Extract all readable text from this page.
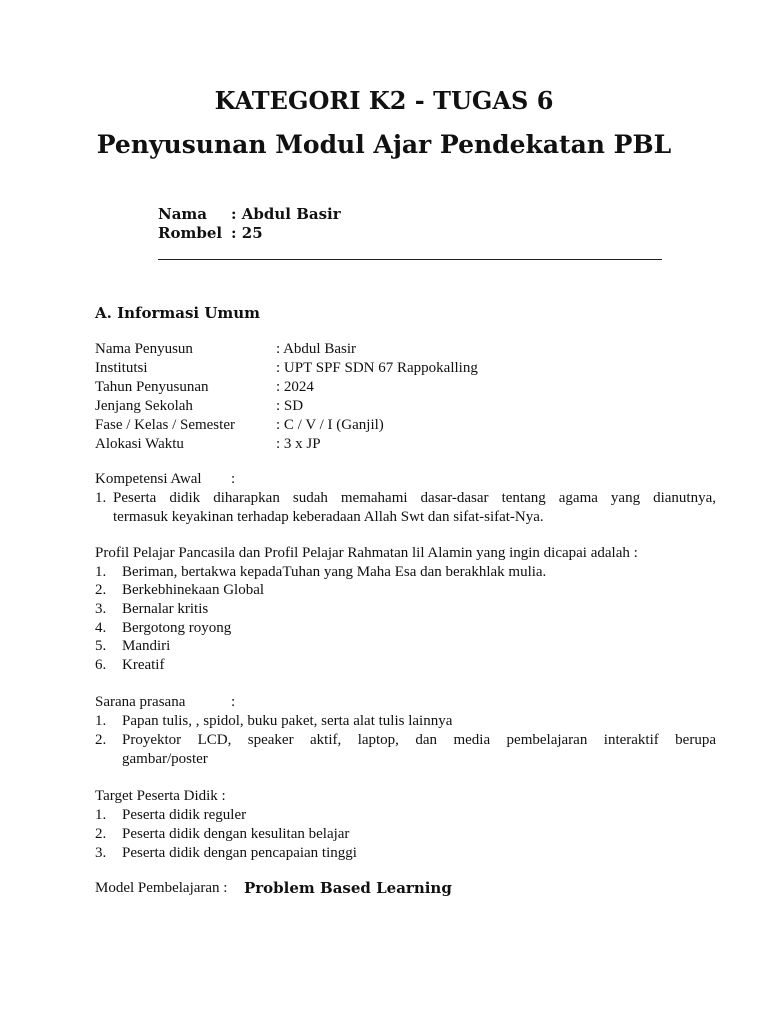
KATEGORI K2 - TUGAS 6
Penyusunan Modul Ajar Pendekatan PBL
Nama : Abdul Basir
Rombel : 25
A. Informasi Umum
Nama Penyusun	: Abdul Basir
Institutsi	: UPT SPF SDN 67 Rappokalling
Tahun Penyusunan	: 2024
Jenjang Sekolah	: SD
Fase / Kelas / Semester	: C / V / I (Ganjil)
Alokasi Waktu	: 3 x JP
Kompetensi Awal :
1. Peserta didik diharapkan sudah memahami dasar-dasar tentang agama yang dianutnya,
termasuk keyakinan terhadap keberadaan Allah Swt dan sifat-sifat-Nya.
Profil Pelajar Pancasila dan Profil Pelajar Rahmatan lil Alamin yang ingin dicapai adalah :
1. Beriman, bertakwa kepadaTuhan yang Maha Esa dan berakhlak mulia.
2. Berkebhinekaan Global
3. Bernalar kritis
4. Bergotong royong
5. Mandiri
6. Kreatif
Sarana prasana	:
1. Papan tulis, , spidol, buku paket, serta alat tulis lainnya
2. Proyektor LCD, speaker aktif, laptop, dan media pembelajaran interaktif berupa
gambar/poster
Target Peserta Didik :
1. Peserta didik reguler
2. Peserta didik dengan kesulitan belajar
3. Peserta didik dengan pencapaian tinggi
Model Pembelajaran : Problem Based Learning
